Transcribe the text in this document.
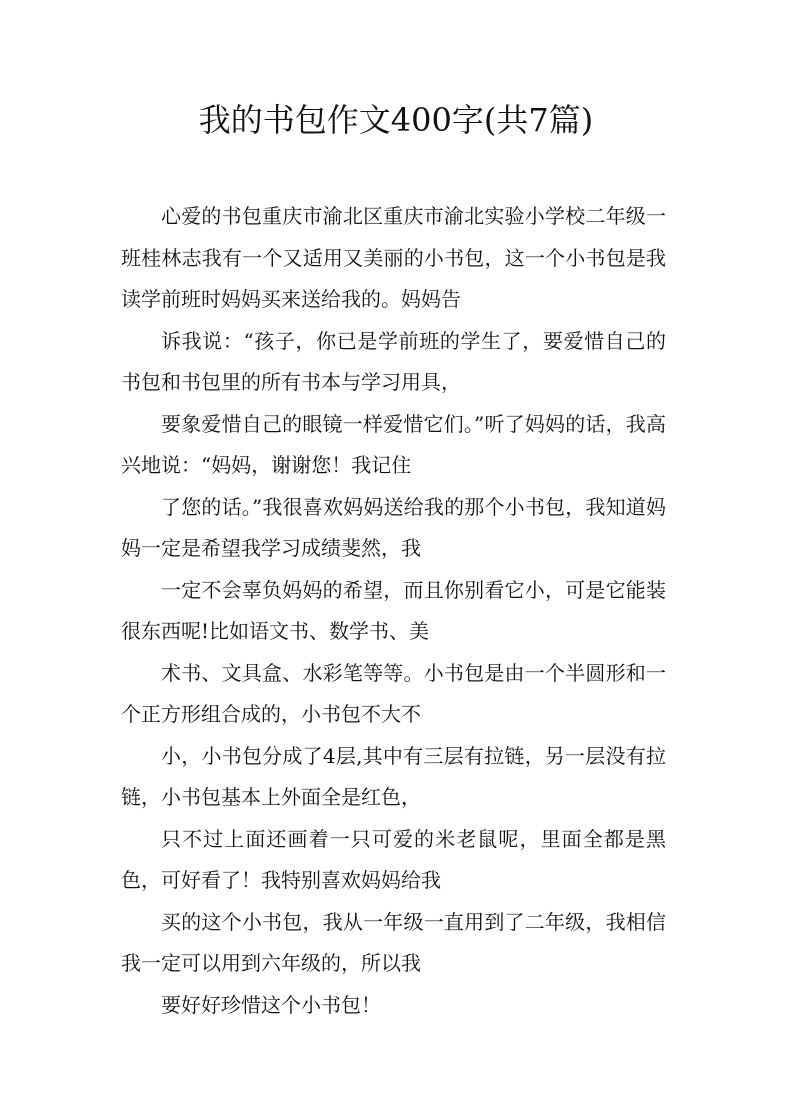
我的书包作文400字(共7篇)

心爱的书包重庆市渝北区重庆市渝北实验小学校二年级一班桂林志我有一个又适用又美丽的小书包，这一个小书包是我读学前班时妈妈买来送给我的。妈妈告

诉我说：“孩子，你已是学前班的学生了，要爱惜自己的书包和书包里的所有书本与学习用具，

要象爱惜自己的眼镜一样爱惜它们。”听了妈妈的话，我高兴地说：“妈妈，谢谢您！我记住

了您的话。”我很喜欢妈妈送给我的那个小书包，我知道妈妈一定是希望我学习成绩斐然，我

一定不会辜负妈妈的希望，而且你别看它小，可是它能装很东西呢!比如语文书、数学书、美

术书、文具盒、水彩笔等等。小书包是由一个半圆形和一个正方形组合成的，小书包不大不

小，小书包分成了4层,其中有三层有拉链，另一层没有拉链，小书包基本上外面全是红色，

只不过上面还画着一只可爱的米老鼠呢，里面全都是黑色，可好看了！我特别喜欢妈妈给我

买的这个小书包，我从一年级一直用到了二年级，我相信我一定可以用到六年级的，所以我

要好好珍惜这个小书包！
